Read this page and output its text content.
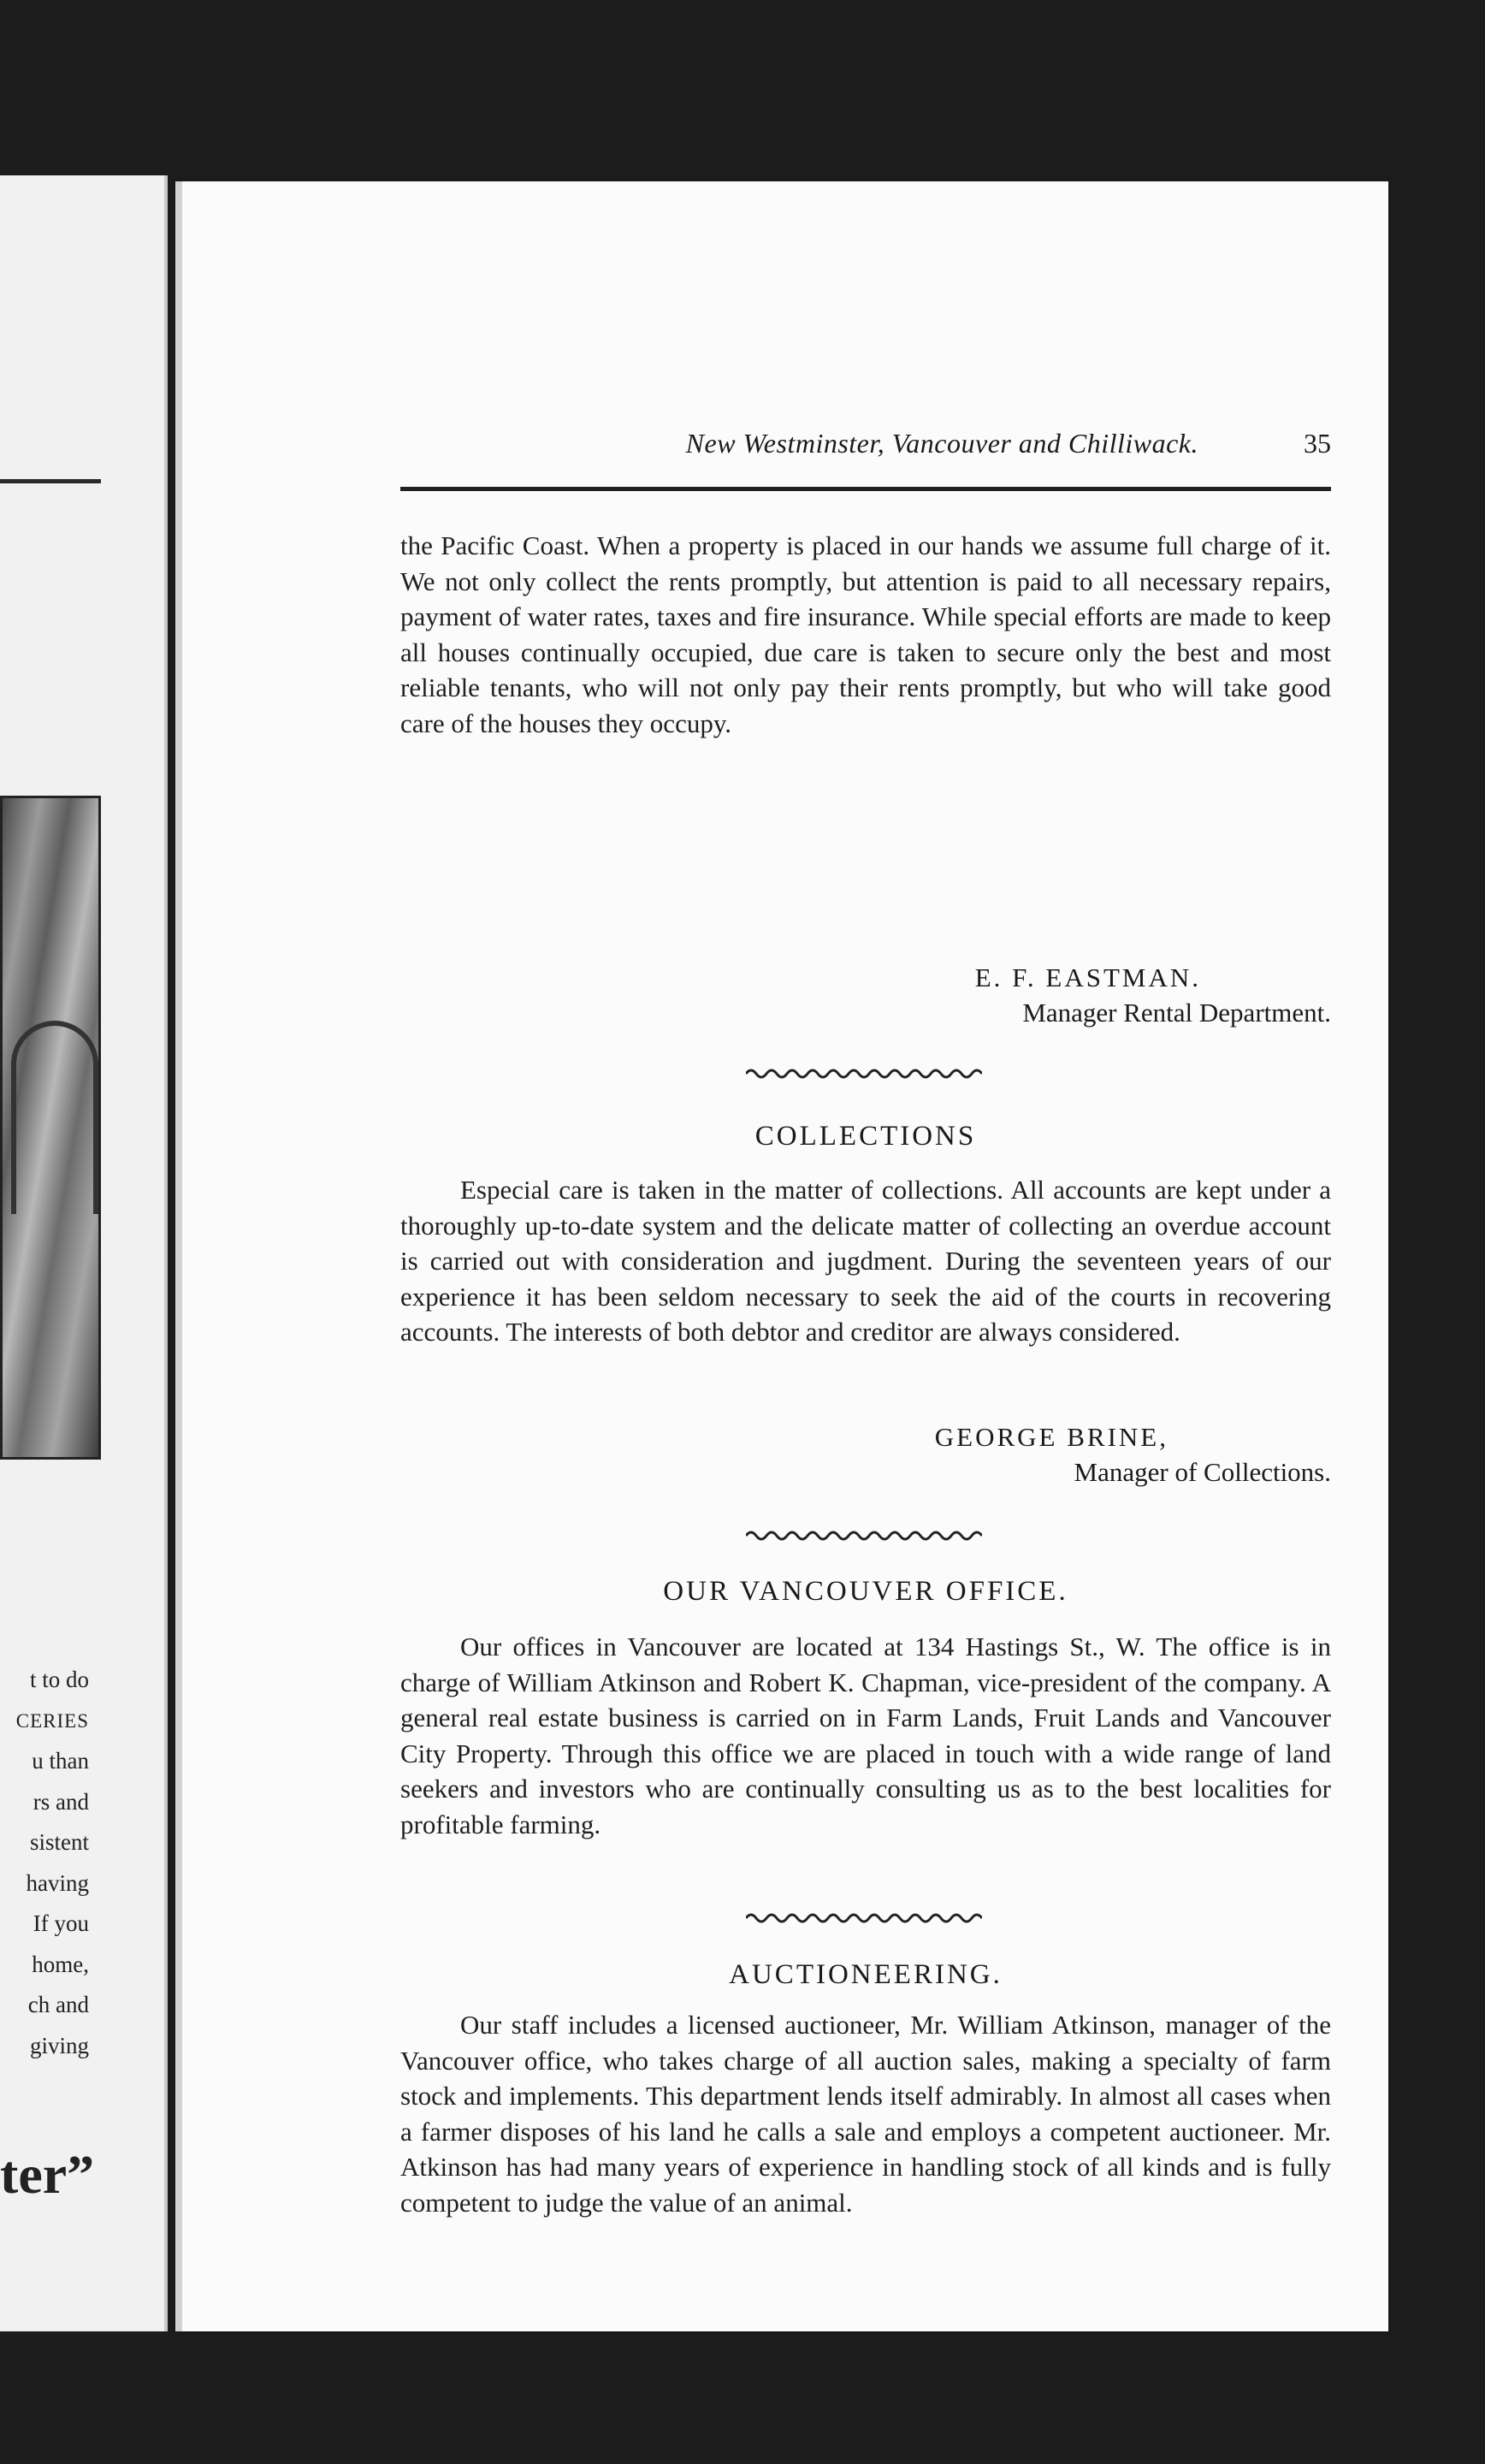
t to do
CERIES
u than
rs and
sistent
having
If you
home,
ch and
giving
ter”
New Westminster, Vancouver and Chilliwack.	35
the Pacific Coast. When a property is placed in our hands we assume full charge of it. We not only collect the rents promptly, but attention is paid to all necessary repairs, payment of water rates, taxes and fire insurance. While special efforts are made to keep all houses continually occupied, due care is taken to secure only the best and most reliable tenants, who will not only pay their rents promptly, but who will take good care of the houses they occupy.
E. F. EASTMAN.
Manager Rental Department.
COLLECTIONS
Especial care is taken in the matter of collections. All accounts are kept under a thoroughly up-to-date system and the delicate matter of collecting an overdue account is carried out with consideration and jugdment. During the seventeen years of our experience it has been seldom necessary to seek the aid of the courts in recovering accounts. The interests of both debtor and creditor are always considered.
GEORGE BRINE,
Manager of Collections.
OUR VANCOUVER OFFICE.
Our offices in Vancouver are located at 134 Hastings St., W. The office is in charge of William Atkinson and Robert K. Chapman, vice-president of the company. A general real estate business is carried on in Farm Lands, Fruit Lands and Vancouver City Property. Through this office we are placed in touch with a wide range of land seekers and investors who are continually consulting us as to the best localities for profitable farming.
AUCTIONEERING.
Our staff includes a licensed auctioneer, Mr. William Atkinson, manager of the Vancouver office, who takes charge of all auction sales, making a specialty of farm stock and implements. This department lends itself admirably. In almost all cases when a farmer disposes of his land he calls a sale and employs a competent auctioneer. Mr. Atkinson has had many years of experience in handling stock of all kinds and is fully competent to judge the value of an animal.
